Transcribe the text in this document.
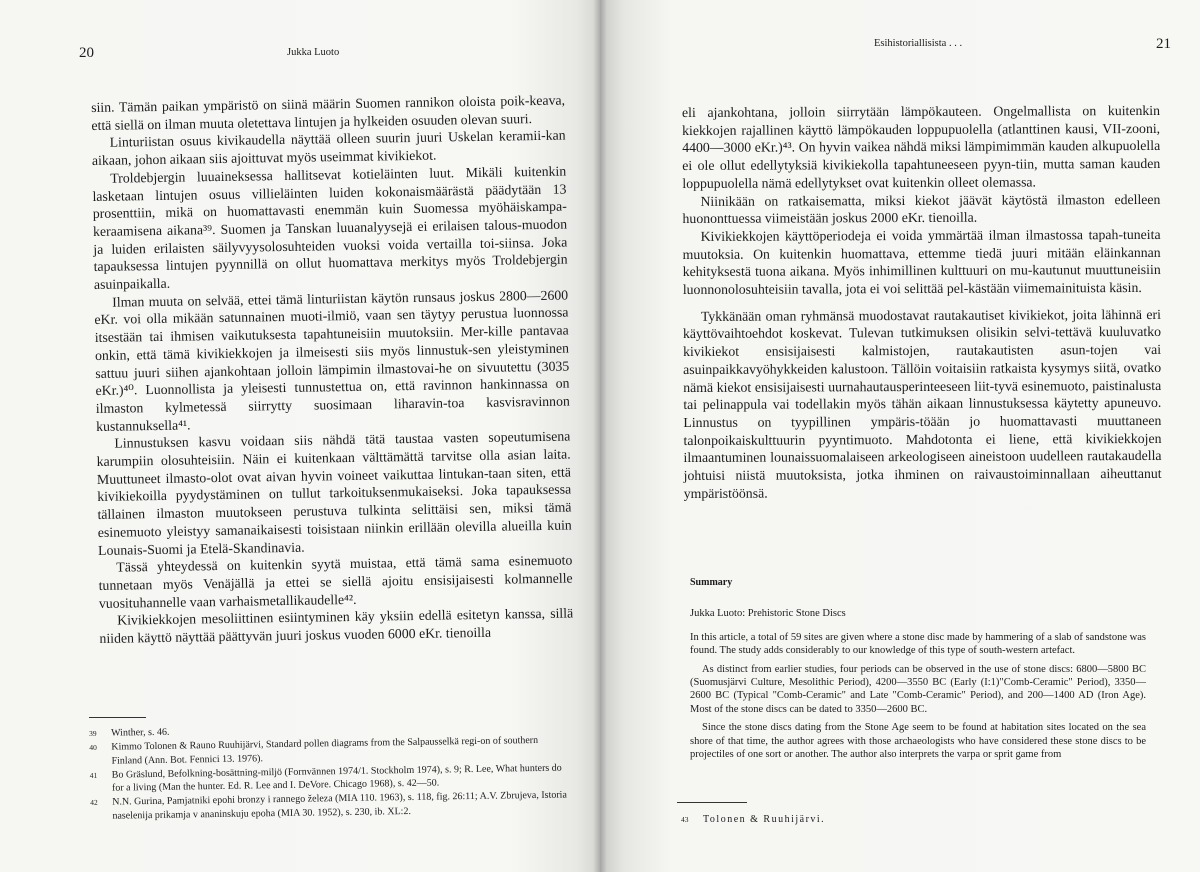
20	Jukka Luoto

siin. Tämän paikan ympäristö on siinä määrin Suomen rannikon oloista poik-keava, että siellä on ilman muuta oletettava lintujen ja hylkeiden osuuden olevan suuri.

Linturiistan osuus kivikaudella näyttää olleen suurin juuri Uskelan keramii-kan aikaan, johon aikaan siis ajoittuvat myös useimmat kivikiekot.

Troldebjergin luuaineksessa hallitsevat kotieläinten luut. Mikäli kuitenkin lasketaan lintujen osuus villieläinten luiden kokonaismäärästä päädytään 13 prosenttiin, mikä on huomattavasti enemmän kuin Suomessa myöhäiskampa-keraamisena aikana³⁹. Suomen ja Tanskan luuanalyysejä ei erilaisen talous-muodon ja luiden erilaisten säilyvyysolosuhteiden vuoksi voida vertailla toi-siinsa. Joka tapauksessa lintujen pyynnillä on ollut huomattava merkitys myös Troldebjergin asuinpaikalla.

Ilman muuta on selvää, ettei tämä linturiistan käytön runsaus joskus 2800—2600 eKr. voi olla mikään satunnainen muoti-ilmiö, vaan sen täytyy perustua luonnossa itsestään tai ihmisen vaikutuksesta tapahtuneisiin muutoksiin. Mer-kille pantavaa onkin, että tämä kivikiekkojen ja ilmeisesti siis myös linnustuk-sen yleistyminen sattuu juuri siihen ajankohtaan jolloin lämpimin ilmastovai-he on sivuutettu (3035 eKr.)⁴⁰. Luonnollista ja yleisesti tunnustettua on, että ravinnon hankinnassa on ilmaston kylmetessä siirrytty suosimaan liharavin-toa kasvisravinnon kustannuksella⁴¹.

Linnustuksen kasvu voidaan siis nähdä tätä taustaa vasten sopeutumisena karumpiin olosuhteisiin. Näin ei kuitenkaan välttämättä tarvitse olla asian laita. Muuttuneet ilmasto-olot ovat aivan hyvin voineet vaikuttaa lintukan-taan siten, että kivikiekoilla pyydystäminen on tullut tarkoituksenmukaiseksi. Joka tapauksessa tällainen ilmaston muutokseen perustuva tulkinta selittäisi sen, miksi tämä esinemuoto yleistyy samanaikaisesti toisistaan niinkin erillään olevilla alueilla kuin Lounais-Suomi ja Etelä-Skandinavia.

Tässä yhteydessä on kuitenkin syytä muistaa, että tämä sama esinemuoto tunnetaan myös Venäjällä ja ettei se siellä ajoitu ensisijaisesti kolmannelle vuosituhannelle vaan varhaismetallikaudelle⁴².

Kivikiekkojen mesoliittinen esiintyminen käy yksiin edellä esitetyn kanssa, sillä niiden käyttö näyttää päättyvän juuri joskus vuoden 6000 eKr. tienoilla

39 Winther, s. 46.
40 Kimmo Tolonen & Rauno Ruuhijärvi, Standard pollen diagrams from the Salpausselkä regi-on of southern Finland (Ann. Bot. Fennici 13. 1976).
41 Bo Gräslund, Befolkning-bosättning-miljö (Fornvännen 1974/1. Stockholm 1974), s. 9; R. Lee, What hunters do for a living (Man the hunter. Ed. R. Lee and I. DeVore. Chicago 1968), s. 42—50.
42 N.N. Gurina, Pamjatniki epohi bronzy i rannego železa (MIA 110. 1963), s. 118, fig. 26:11; A.V. Zbrujeva, Istoria naselenija prikamja v ananinskuju epoha (MIA 30. 1952), s. 230, ib. XL:2.
Esihistoriallisista . . .	21

eli ajankohtana, jolloin siirrytään lämpökauteen. Ongelmallista on kuitenkin kiekkojen rajallinen käyttö lämpökauden loppupuolella (atlanttinen kausi, VII-zooni, 4400—3000 eKr.)⁴³. On hyvin vaikea nähdä miksi lämpimimmän kauden alkupuolella ei ole ollut edellytyksiä kivikiekolla tapahtuneeseen pyyn-tiin, mutta saman kauden loppupuolella nämä edellytykset ovat kuitenkin olleet olemassa.

Niinikään on ratkaisematta, miksi kiekot jäävät käytöstä ilmaston edelleen huononttuessa viimeistään joskus 2000 eKr. tienoilla.

Kivikiekkojen käyttöperiodeja ei voida ymmärtää ilman ilmastossa tapah-tuneita muutoksia. On kuitenkin huomattava, ettemme tiedä juuri mitään eläinkannan kehityksestä tuona aikana. Myös inhimillinen kulttuuri on mu-kautunut muuttuneisiin luonnonolosuhteisiin tavalla, jota ei voi selittää pel-kästään viimemainituista käsin.

Tykkänään oman ryhmänsä muodostavat rautakautiset kivikiekot, joita lähinnä eri käyttövaihtoehdot koskevat. Tulevan tutkimuksen olisikin selvi-tettävä kuuluvatko kivikiekot ensisijaisesti kalmistojen, rautakautisten asun-tojen vai asuinpaikkavyöhykkeiden kalustoon. Tällöin voitaisiin ratkaista kysymys siitä, ovatko nämä kiekot ensisijaisesti uurnahautausperinteeseen liit-tyvä esinemuoto, paistinalusta tai pelinappula vai todellakin myös tähän aikaan linnustuksessa käytetty apuneuvo. Linnustus on tyypillinen ympäris-töään jo huomattavasti muuttaneen talonpoikaiskulttuurin pyyntimuoto. Mahdotonta ei liene, että kivikiekkojen ilmaantuminen lounaissuomalaiseen arkeologiseen aineistoon uudelleen rautakaudella johtuisi niistä muutoksista, jotka ihminen on raivaustoiminnallaan aiheuttanut ympäristöönsä.

Summary
Jukka Luoto: Prehistoric Stone Discs

In this article, a total of 59 sites are given where a stone disc made by hammering of a slab of sandstone was found. The study adds considerably to our knowledge of this type of south-western artefact.

As distinct from earlier studies, four periods can be observed in the use of stone discs: 6800—5800 BC (Suomusjärvi Culture, Mesolithic Period), 4200—3550 BC (Early (I:1)"Comb-Ceramic" Period), 3350—2600 BC (Typical "Comb-Ceramic" and Late "Comb-Ceramic" Period), and 200—1400 AD (Iron Age). Most of the stone discs can be dated to 3350—2600 BC.

Since the stone discs dating from the Stone Age seem to be found at habitation sites located on the sea shore of that time, the author agrees with those archaeologists who have considered these stone discs to be projectiles of one sort or another. The author also interprets the varpa or sprit game from

43 Tolonen & Ruuhijärvi.
